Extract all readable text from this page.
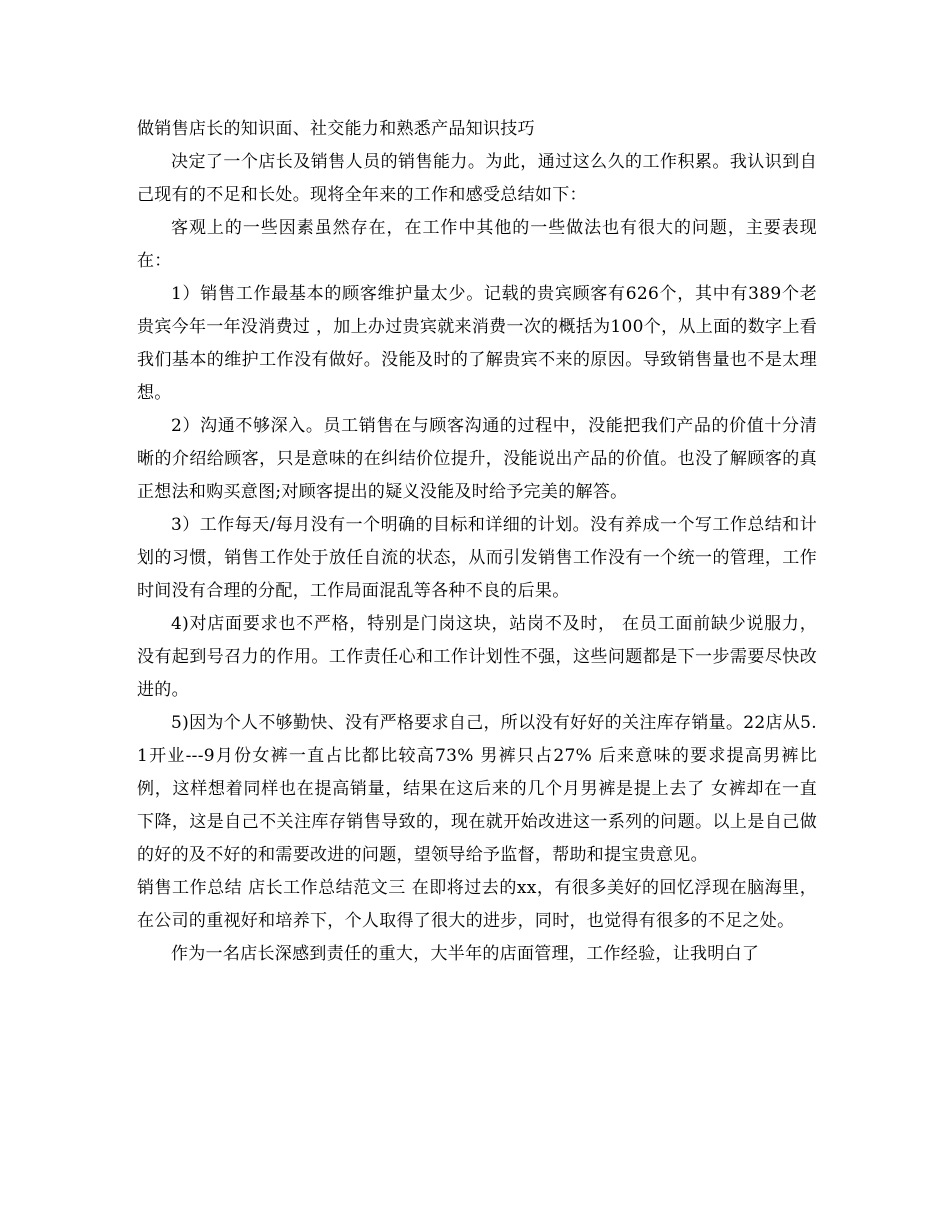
做销售店长的知识面、社交能力和熟悉产品知识技巧

决定了一个店长及销售人员的销售能力。为此，通过这么久的工作积累。我认识到自己现有的不足和长处。现将全年来的工作和感受总结如下：

客观上的一些因素虽然存在，在工作中其他的一些做法也有很大的问题，主要表现在：

1）销售工作最基本的顾客维护量太少。记载的贵宾顾客有626个，其中有389个老贵宾今年一年没消费过 ，加上办过贵宾就来消费一次的概括为100个，从上面的数字上看我们基本的维护工作没有做好。没能及时的了解贵宾不来的原因。导致销售量也不是太理想。

2）沟通不够深入。员工销售在与顾客沟通的过程中，没能把我们产品的价值十分清晰的介绍给顾客，只是意味的在纠结价位提升，没能说出产品的价值。也没了解顾客的真正想法和购买意图;对顾客提出的疑义没能及时给予完美的解答。

3）工作每天/每月没有一个明确的目标和详细的计划。没有养成一个写工作总结和计划的习惯，销售工作处于放任自流的状态，从而引发销售工作没有一个统一的管理，工作时间没有合理的分配，工作局面混乱等各种不良的后果。

4)对店面要求也不严格，特别是门岗这块，站岗不及时， 在员工面前缺少说服力，没有起到号召力的作用。工作责任心和工作计划性不强，这些问题都是下一步需要尽快改进的。

5)因为个人不够勤快、没有严格要求自己，所以没有好好的关注库存销量。22店从5.1开业---9月份女裤一直占比都比较高73% 男裤只占27% 后来意味的要求提高男裤比例，这样想着同样也在提高销量，结果在这后来的几个月男裤是提上去了 女裤却在一直下降，这是自己不关注库存销售导致的，现在就开始改进这一系列的问题。以上是自己做的好的及不好的和需要改进的问题，望领导给予监督，帮助和提宝贵意见。

销售工作总结 店长工作总结范文三 在即将过去的xx，有很多美好的回忆浮现在脑海里，在公司的重视好和培养下，个人取得了很大的进步，同时，也觉得有很多的不足之处。

作为一名店长深感到责任的重大，大半年的店面管理，工作经验，让我明白了
